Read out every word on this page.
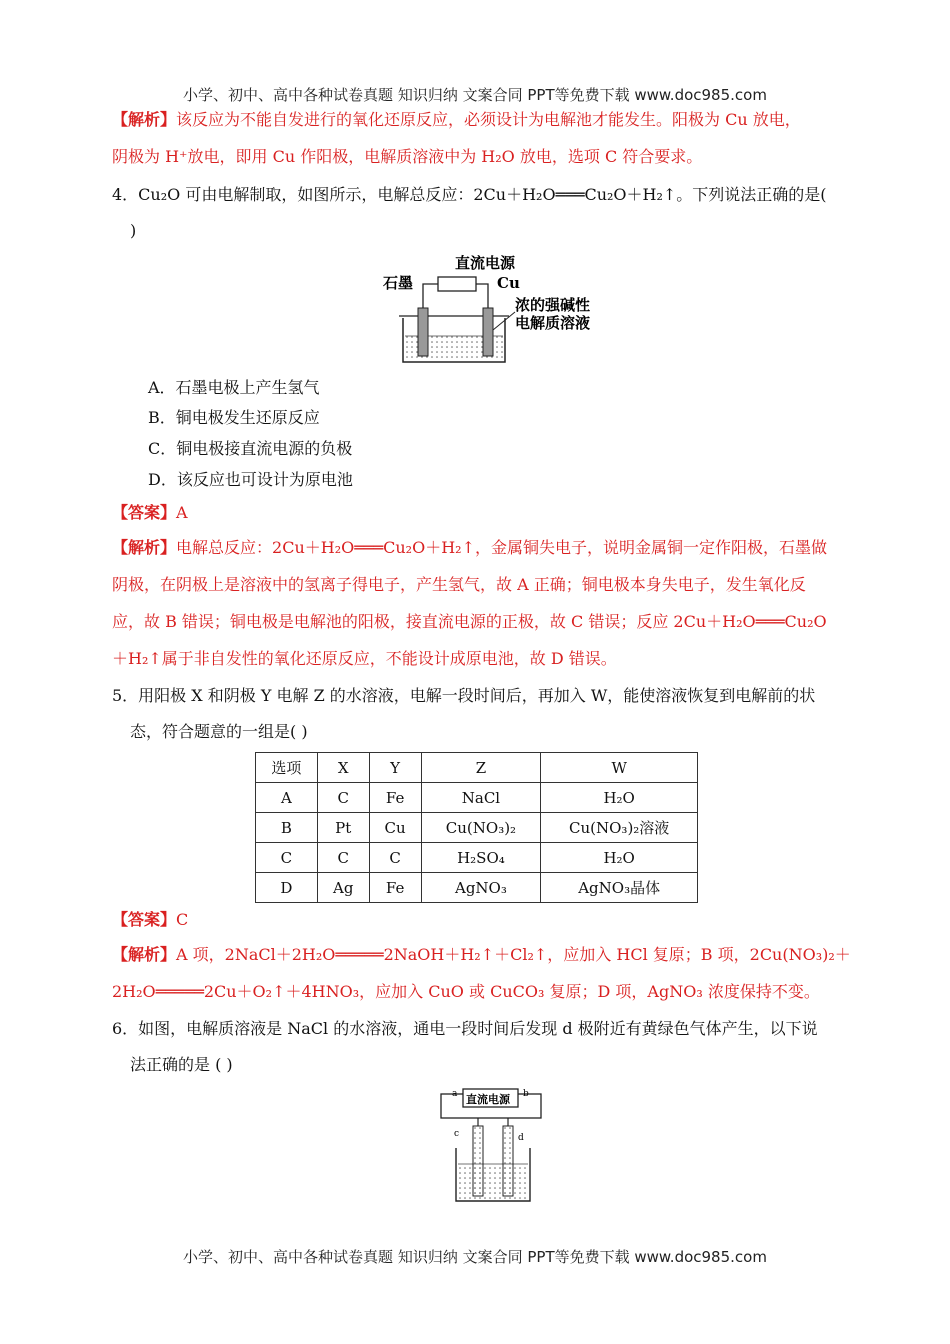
小学、初中、高中各种试卷真题 知识归纳 文案合同 PPT等免费下载 www.doc985.com
【解析】该反应为不能自发进行的氧化还原反应，必须设计为电解池才能发生。阳极为 Cu 放电，
阴极为 H⁺放电，即用 Cu 作阳极，电解质溶液中为 H₂O 放电，选项 C 符合要求。
4．Cu₂O 可由电解制取，如图所示，电解总反应：2Cu＋H₂O═══Cu₂O＋H₂↑。下列说法正确的是(
)
直流电源
石墨	Cu
浓的强碱性
电解质溶液
A．石墨电极上产生氢气
B．铜电极发生还原反应
C．铜电极接直流电源的负极
D．该反应也可设计为原电池
【答案】A
【解析】电解总反应：2Cu＋H₂O═══Cu₂O＋H₂↑，金属铜失电子，说明金属铜一定作阳极，石墨做
阴极，在阴极上是溶液中的氢离子得电子，产生氢气，故 A 正确；铜电极本身失电子，发生氧化反
应，故 B 错误；铜电极是电解池的阳极，接直流电源的正极，故 C 错误；反应 2Cu＋H₂O═══Cu₂O
＋H₂↑属于非自发性的氧化还原反应，不能设计成原电池，故 D 错误。
5．用阳极 X 和阴极 Y 电解 Z 的水溶液，电解一段时间后，再加入 W，能使溶液恢复到电解前的状
态，符合题意的一组是( )
选项	X	Y	Z	W
A	C	Fe	NaCl	H₂O
B	Pt	Cu	Cu(NO₃)₂	Cu(NO₃)₂溶液
C	C	C	H₂SO₄	H₂O
D	Ag	Fe	AgNO₃	AgNO₃晶体
【答案】C
【解析】A 项，2NaCl＋2H₂O═════2NaOH＋H₂↑＋Cl₂↑，应加入 HCl 复原；B 项，2Cu(NO₃)₂＋
2H₂O═════2Cu＋O₂↑＋4HNO₃，应加入 CuO 或 CuCO₃ 复原；D 项，AgNO₃ 浓度保持不变。
6．如图，电解质溶液是 NaCl 的水溶液，通电一段时间后发现 d 极附近有黄绿色气体产生，以下说
法正确的是 ( )
直流电源
a	b
c	d
小学、初中、高中各种试卷真题 知识归纳 文案合同 PPT等免费下载 www.doc985.com
